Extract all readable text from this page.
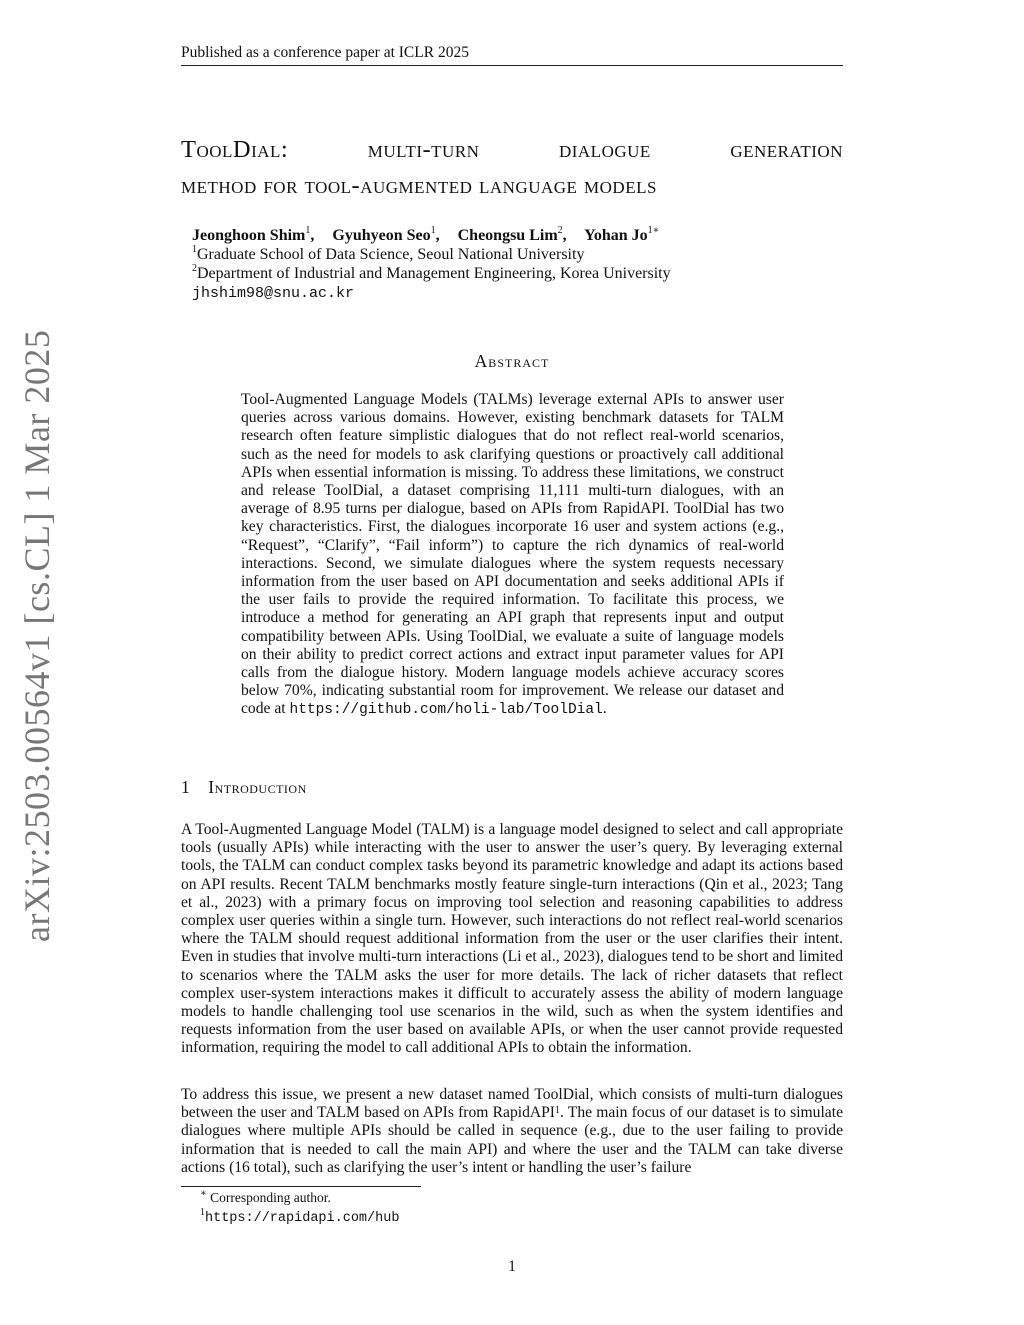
Published as a conference paper at ICLR 2025
arXiv:2503.00564v1 [cs.CL] 1 Mar 2025
ToolDial:	multi-turn	dialogue	generation
method for tool-augmented language models
Jeonghoon Shim$^1$, Gyuhyeon Seo$^1$, Cheongsu Lim$^2$, Yohan $Jo^{1∗}$
$^1$Graduate School of Data Science, Seoul National University
$^2$Department of Industrial and Management Engineering, Korea University
jhshim98@snu.ac.kr
Abstract
Tool-Augmented Language Models (TALMs) leverage external APIs to answer user queries across various domains. However, existing benchmark datasets for TALM research often feature simplistic dialogues that do not reflect real-world scenarios, such as the need for models to ask clarifying questions or proactively call additional APIs when essential information is missing. To address these limitations, we construct and release ToolDial, a dataset comprising 11,111 multi-turn dialogues, with an average of 8.95 turns per dialogue, based on APIs from RapidAPI. ToolDial has two key characteristics. First, the dialogues incorporate 16 user and system actions (e.g., “Request”, “Clarify”, “Fail inform”) to capture the rich dynamics of real-world interactions. Second, we simulate dialogues where the system requests necessary information from the user based on API documentation and seeks additional APIs if the user fails to provide the required information. To facilitate this process, we introduce a method for generating an API graph that represents input and output compatibility between APIs. Using ToolDial, we evaluate a suite of language models on their ability to predict correct actions and extract input parameter values for API calls from the dialogue history. Modern language models achieve accuracy scores below 70%, indicating substantial room for improvement. We release our dataset and code at https://github.com/holi-lab/ToolDial.
1 Introduction
A Tool-Augmented Language Model (TALM) is a language model designed to select and call appropriate tools (usually APIs) while interacting with the user to answer the user’s query. By leveraging external tools, the TALM can conduct complex tasks beyond its parametric knowledge and adapt its actions based on API results. Recent TALM benchmarks mostly feature single-turn interactions (Qin et al., 2023; Tang et al., 2023) with a primary focus on improving tool selection and reasoning capabilities to address complex user queries within a single turn. However, such interactions do not reflect real-world scenarios where the TALM should request additional information from the user or the user clarifies their intent. Even in studies that involve multi-turn interactions (Li et al., 2023), dialogues tend to be short and limited to scenarios where the TALM asks the user for more details. The lack of richer datasets that reflect complex user-system interactions makes it difficult to accurately assess the ability of modern language models to handle challenging tool use scenarios in the wild, such as when the system identifies and requests information from the user based on available APIs, or when the user cannot provide requested information, requiring the model to call additional APIs to obtain the information.
To address this issue, we present a new dataset named ToolDial, which consists of multi-turn dialogues between the user and TALM based on APIs from RapidAPI$^1$. The main focus of our dataset is to simulate dialogues where multiple APIs should be called in sequence (e.g., due to the user failing to provide information that is needed to call the main API) and where the user and the TALM can take diverse actions (16 total), such as clarifying the user’s intent or handling the user’s failure
∗ Corresponding author.
$^1$https://rapidapi.com/hub
1
